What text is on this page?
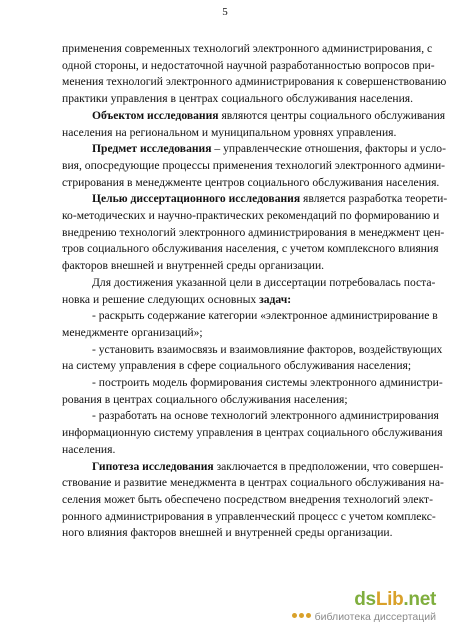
5
применения современных технологий электронного администрирования, с
одной стороны, и недостаточной научной разработанностью вопросов при-
менения технологий электронного администрирования к совершенствованию
практики управления в центрах социального обслуживания населения.
Объектом исследования являются центры социального обслуживания
населения на региональном и муниципальном уровнях управления.
Предмет исследования – управленческие отношения, факторы и усло-
вия, опосредующие процессы применения технологий электронного админи-
стрирования в менеджменте центров социального обслуживания населения.
Целью диссертационного исследования является разработка теорети-
ко-методических и научно-практических рекомендаций по формированию и
внедрению технологий электронного администрирования в менеджмент цен-
тров социального обслуживания населения, с учетом комплексного влияния
факторов внешней и внутренней среды организации.
Для достижения указанной цели в диссертации потребовалась поста-
новка и решение следующих основных задач:
- раскрыть содержание категории «электронное администрирование в
менеджменте организаций»;
- установить взаимосвязь и взаимовлияние факторов, воздействующих
на систему управления в сфере социального обслуживания населения;
- построить модель формирования системы электронного администри-
рования в центрах социального обслуживания населения;
- разработать на основе технологий электронного администрирования
информационную систему управления в центрах социального обслуживания
населения.
Гипотеза исследования заключается в предположении, что совершен-
ствование и развитие менеджмента в центрах социального обслуживания на-
селения может быть обеспечено посредством внедрения технологий элект-
ронного администрирования в управленческий процесс с учетом комплекс-
ного влияния факторов внешней и внутренней среды организации.
dsLib.net
библиотека диссертаций
